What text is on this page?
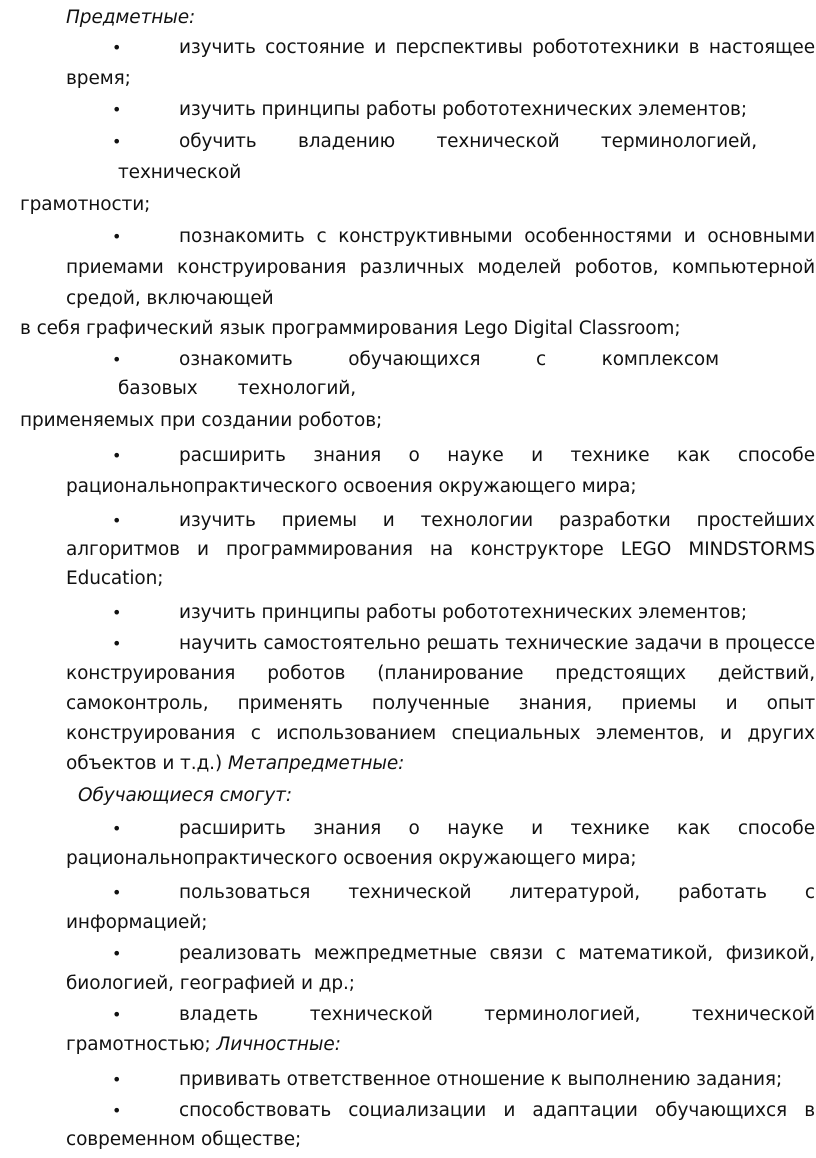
Предметные:
•	изучить состояние и перспективы робототехники в настоящее
время;
•	изучить принципы работы робототехнических элементов;
•	обучить владению технической терминологией,
технической
грамотности;
•	познакомить с конструктивными особенностями и основными
приемами конструирования различных моделей роботов, компьютерной
средой, включающей
в себя графический язык программирования Lego Digital Classroom;
•	ознакомить обучающихся с комплексом
базовых технологий,
применяемых при создании роботов;
•	расширить знания о науке и технике как способе
рациональнопрактического освоения окружающего мира;
•	изучить приемы и технологии разработки простейших
алгоритмов и программирования на конструкторе LEGO MINDSTORMS
Education;
•	изучить принципы работы робототехнических элементов;
•	научить самостоятельно решать технические задачи в процессе
конструирования роботов (планирование предстоящих действий,
самоконтроль, применять полученные знания, приемы и опыт
конструирования с использованием специальных элементов, и других
объектов и т.д.) Метапредметные:
Обучающиеся смогут:
•	расширить знания о науке и технике как способе
рациональнопрактического освоения окружающего мира;
•	пользоваться технической литературой, работать с
информацией;
•	реализовать межпредметные связи с математикой, физикой,
биологией, географией и др.;
•	владеть технической терминологией, технической
грамотностью; Личностные:
•	прививать ответственное отношение к выполнению задания;
•	способствовать социализации и адаптации обучающихся в
современном обществе;
